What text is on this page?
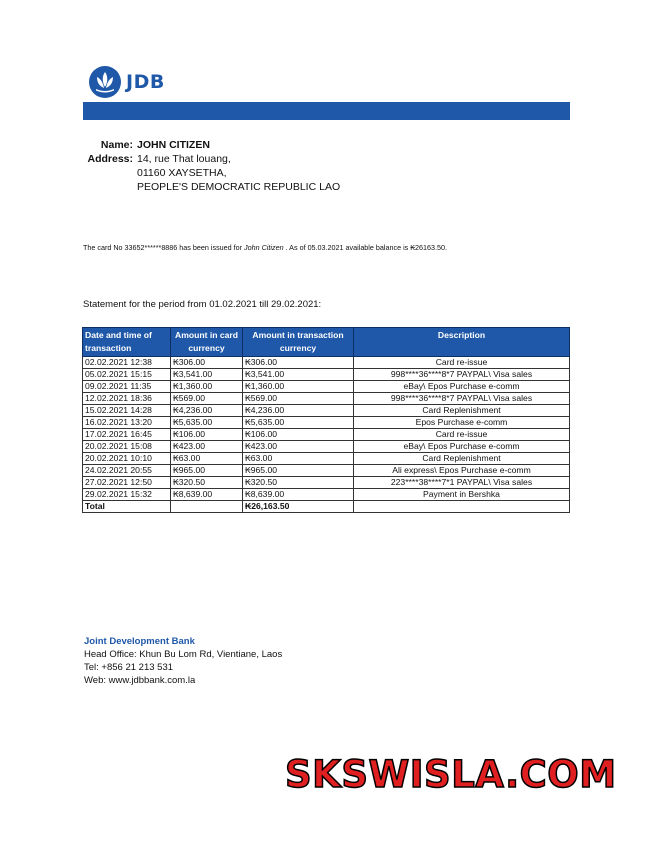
JDB
Name: JOHN CITIZEN
Address: 14, rue That louang,
01160 XAYSETHA,
PEOPLE'S DEMOCRATIC REPUBLIC LAO
The card No 33652******8886 has been issued for John Citizen . As of 05.03.2021 available balance is ₭26163.50.
Statement for the period from 01.02.2021 till 29.02.2021:
Date and time of transaction	Amount in card currency	Amount in transaction currency	Description
02.02.2021 12:38	₭306.00	₭306.00	Card re-issue
05.02.2021 15:15	₭3,541.00	₭3,541.00	998****36****8*7 PAYPAL\ Visa sales
09.02.2021 11:35	₭1,360.00	₭1,360.00	eBay\ Epos Purchase e-comm
12.02.2021 18:36	₭569.00	₭569.00	998****36****8*7 PAYPAL\ Visa sales
15.02.2021 14:28	₭4,236.00	₭4,236.00	Card Replenishment
16.02.2021 13:20	₭5,635.00	₭5,635.00	Epos Purchase e-comm
17.02.2021 16:45	₭106.00	₭106.00	Card re-issue
20.02.2021 15:08	₭423.00	₭423.00	eBay\ Epos Purchase e-comm
20.02.2021 10:10	₭63.00	₭63.00	Card Replenishment
24.02.2021 20:55	₭965.00	₭965.00	Ali express\ Epos Purchase e-comm
27.02.2021 12:50	₭320.50	₭320.50	223****38****7*1 PAYPAL\ Visa sales
29.02.2021 15:32	₭8,639.00	₭8,639.00	Payment in Bershka
Total		₭26,163.50	
Joint Development Bank
Head Office: Khun Bu Lom Rd, Vientiane, Laos
Tel: +856 21 213 531
Web: www.jdbbank.com.la
SKSWISLA.COM
